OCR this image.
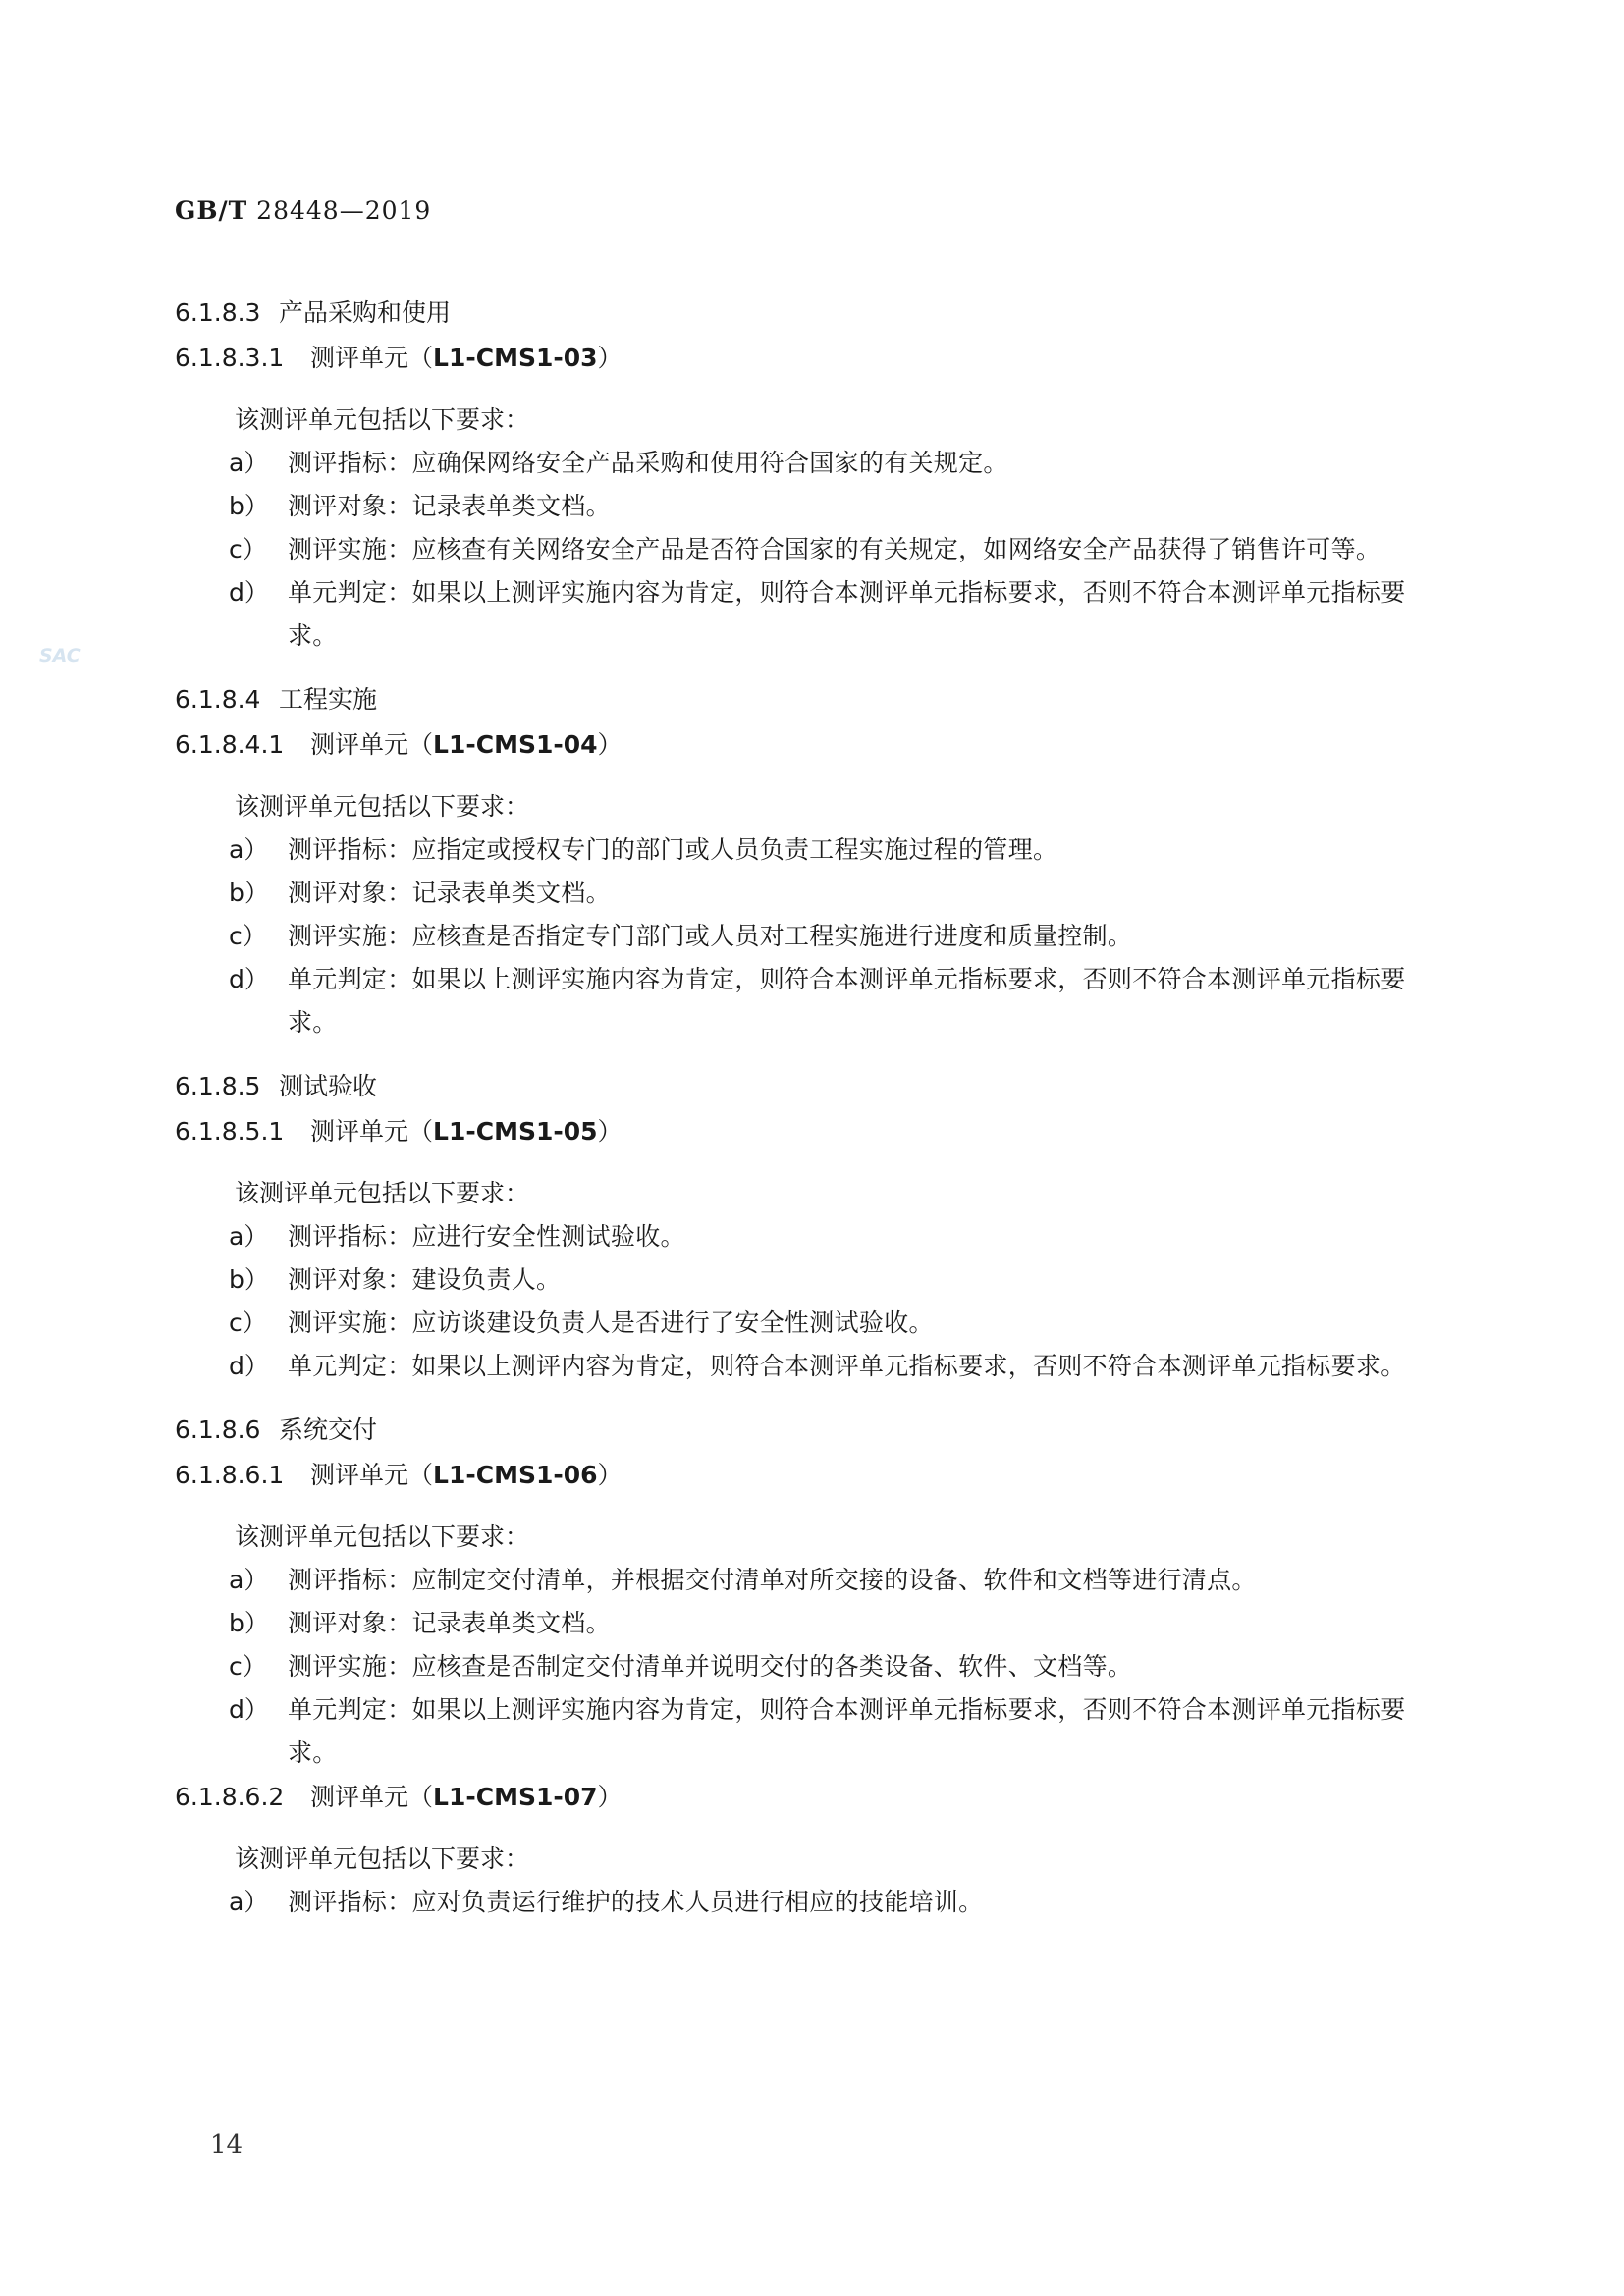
GB/T 28448—2019
SAC

6.1.8.3 产品采购和使用

6.1.8.3.1 测评单元（L1-CMS1-03）

该测评单元包括以下要求：

a） 测评指标：应确保网络安全产品采购和使用符合国家的有关规定。
b） 测评对象：记录表单类文档。
c） 测评实施：应核查有关网络安全产品是否符合国家的有关规定，如网络安全产品获得了销售许可等。
d） 单元判定：如果以上测评实施内容为肯定，则符合本测评单元指标要求，否则不符合本测评单元指标要求。

6.1.8.4 工程实施

6.1.8.4.1 测评单元（L1-CMS1-04）

该测评单元包括以下要求：

a） 测评指标：应指定或授权专门的部门或人员负责工程实施过程的管理。
b） 测评对象：记录表单类文档。
c） 测评实施：应核查是否指定专门部门或人员对工程实施进行进度和质量控制。
d） 单元判定：如果以上测评实施内容为肯定，则符合本测评单元指标要求，否则不符合本测评单元指标要求。

6.1.8.5 测试验收

6.1.8.5.1 测评单元（L1-CMS1-05）

该测评单元包括以下要求：

a） 测评指标：应进行安全性测试验收。
b） 测评对象：建设负责人。
c） 测评实施：应访谈建设负责人是否进行了安全性测试验收。
d） 单元判定：如果以上测评内容为肯定，则符合本测评单元指标要求，否则不符合本测评单元指标要求。

6.1.8.6 系统交付

6.1.8.6.1 测评单元（L1-CMS1-06）

该测评单元包括以下要求：

a） 测评指标：应制定交付清单，并根据交付清单对所交接的设备、软件和文档等进行清点。
b） 测评对象：记录表单类文档。
c） 测评实施：应核查是否制定交付清单并说明交付的各类设备、软件、文档等。
d） 单元判定：如果以上测评实施内容为肯定，则符合本测评单元指标要求，否则不符合本测评单元指标要求。

6.1.8.6.2 测评单元（L1-CMS1-07）

该测评单元包括以下要求：

a） 测评指标：应对负责运行维护的技术人员进行相应的技能培训。
14
